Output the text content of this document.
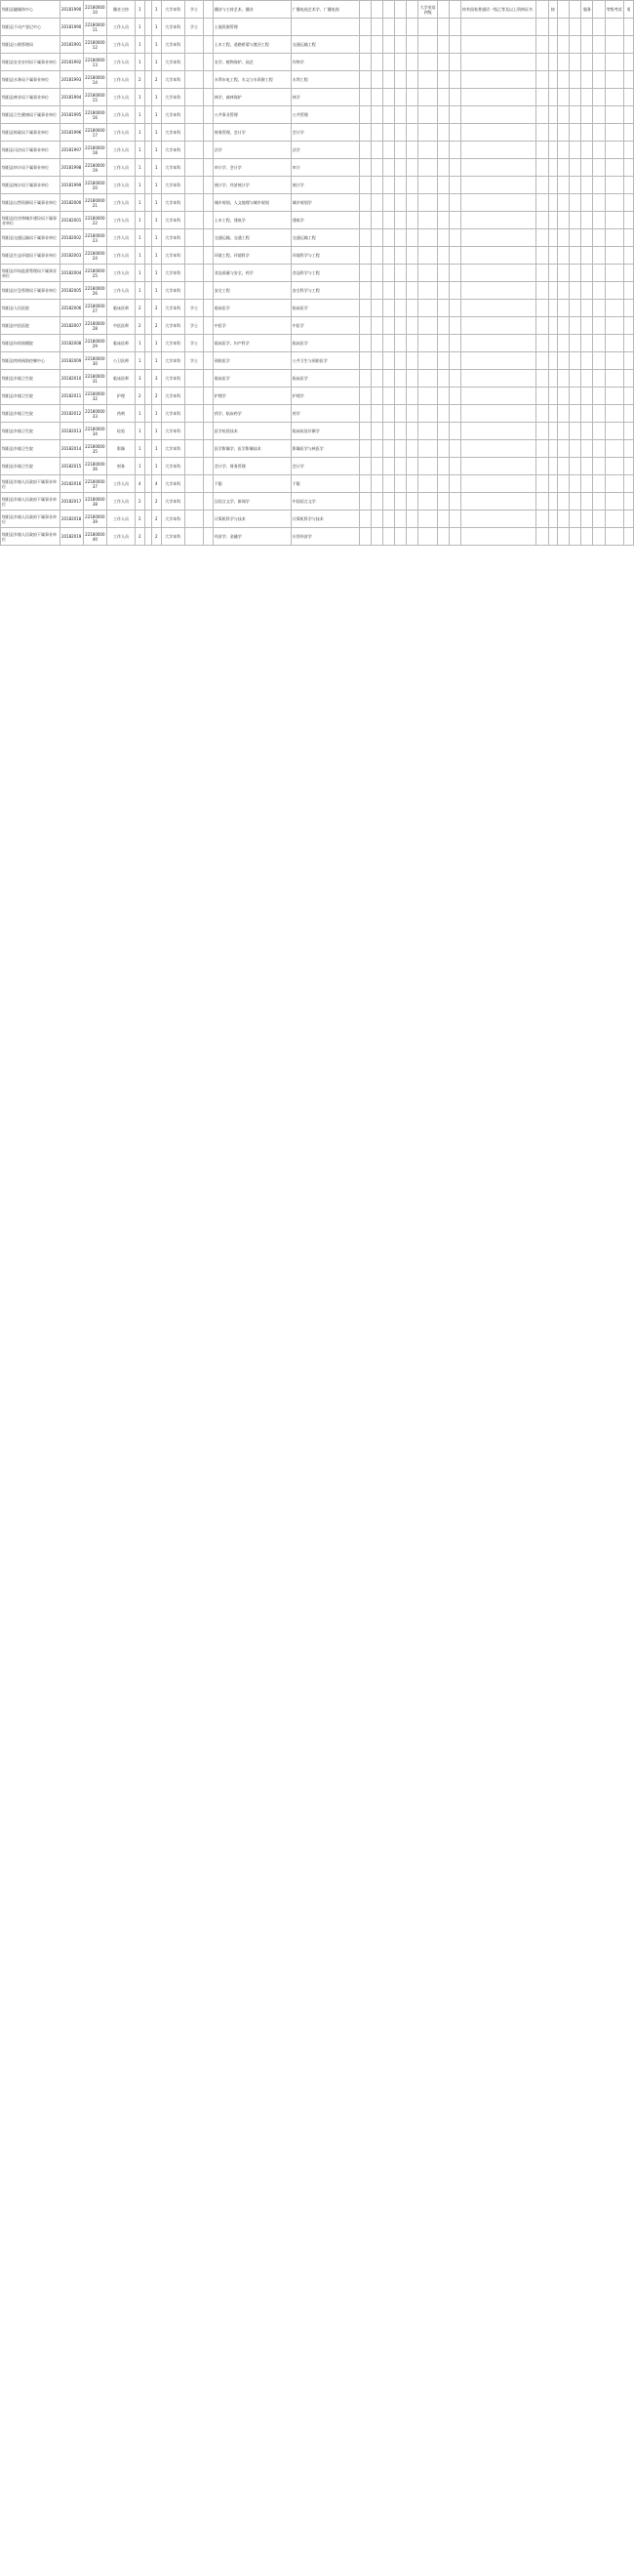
绥阳县融媒体中心	20181990	2218000010	播音主持	1		1	大学本科	学士		播音与主持艺术、播音	广播电视艺术学、广播电视						大学英语四级			持有国家普通话一级乙等及以上资格证书		按			服务		等级考试	男
绥阳县不动产登记中心	20181990	2218000011	工作人员	1		1	大学本科	学士		土地资源管理																		
绥阳县公路管理局	20181991	2218000012	工作人员	1		1	大学本科			土木工程、道路桥梁与渡河工程	交通运输工程																	
绥阳县农业农村局下属事业单位	20181992	2218000013	工作人员	1		1	大学本科			农学、植物保护、园艺	作物学																	
绥阳县水务局下属事业单位	20181993	2218000014	工作人员	2		2	大学本科			水利水电工程、水文与水资源工程	水利工程																	
绥阳县林业局下属事业单位	20181994	2218000015	工作人员	1		1	大学本科			林学、森林保护	林学																	
绥阳县卫生健康局下属事业单位	20181995	2218000016	工作人员	1		1	大学本科			公共事业管理	公共管理																	
绥阳县财政局下属事业单位	20181996	2218000017	工作人员	1		1	大学本科			财务管理、会计学	会计学																	
绥阳县司法局下属事业单位	20181997	2218000018	工作人员	1		1	大学本科			法学	法学																	
绥阳县审计局下属事业单位	20181998	2218000019	工作人员	1		1	大学本科			审计学、会计学	审计																	
绥阳县统计局下属事业单位	20181999	2218000020	工作人员	1		1	大学本科			统计学、经济统计学	统计学																	
绥阳县自然资源局下属事业单位	20182000	2218000021	工作人员	1		1	大学本科			城乡规划、人文地理与城乡规划	城乡规划学																	
绥阳县住房和城乡建设局下属事业单位	20182001	2218000022	工作人员	1		1	大学本科			土木工程、建筑学	建筑学																	
绥阳县交通运输局下属事业单位	20182002	2218000023	工作人员	1		1	大学本科			交通运输、交通工程	交通运输工程																	
绥阳县生态环境局下属事业单位	20182003	2218000024	工作人员	1		1	大学本科			环境工程、环境科学	环境科学与工程																	
绥阳县市场监督管理局下属事业单位	20182004	2218000025	工作人员	1		1	大学本科			食品质量与安全、药学	食品科学与工程																	
绥阳县应急管理局下属事业单位	20182005	2218000026	工作人员	1		1	大学本科			安全工程	安全科学与工程																	
绥阳县人民医院	20182006	2218000027	临床医师	2		2	大学本科	学士		临床医学	临床医学																	
绥阳县中医医院	20182007	2218000028	中医医师	2		2	大学本科	学士		中医学	中医学																	
绥阳县妇幼保健院	20182008	2218000029	临床医师	1		1	大学本科	学士		临床医学、妇产科学	临床医学																	
绥阳县疾病预防控制中心	20182009	2218000030	公卫医师	1		1	大学本科	学士		预防医学	公共卫生与预防医学																	
绥阳县乡镇卫生院	20182010	2218000031	临床医师	3		3	大学本科			临床医学	临床医学																	
绥阳县乡镇卫生院	20182011	2218000032	护理	2		2	大学本科			护理学	护理学																	
绥阳县乡镇卫生院	20182012	2218000033	药剂	1		1	大学本科			药学、临床药学	药学																	
绥阳县乡镇卫生院	20182013	2218000034	检验	1		1	大学本科			医学检验技术	临床检验诊断学																	
绥阳县乡镇卫生院	20182014	2218000035	影像	1		1	大学本科			医学影像学、医学影像技术	影像医学与核医学																	
绥阳县乡镇卫生院	20182015	2218000036	财务	1		1	大学本科			会计学、财务管理	会计学																	
绥阳县乡镇人民政府下属事业单位	20182016	2218000037	工作人员	4		4	大学本科			不限	不限																	
绥阳县乡镇人民政府下属事业单位	20182017	2218000038	工作人员	2		2	大学本科			汉语言文学、新闻学	中国语言文学																	
绥阳县乡镇人民政府下属事业单位	20182018	2218000039	工作人员	2		2	大学本科			计算机科学与技术	计算机科学与技术																	
绥阳县乡镇人民政府下属事业单位	20182019	2218000040	工作人员	2		2	大学本科			经济学、金融学	应用经济学																	
